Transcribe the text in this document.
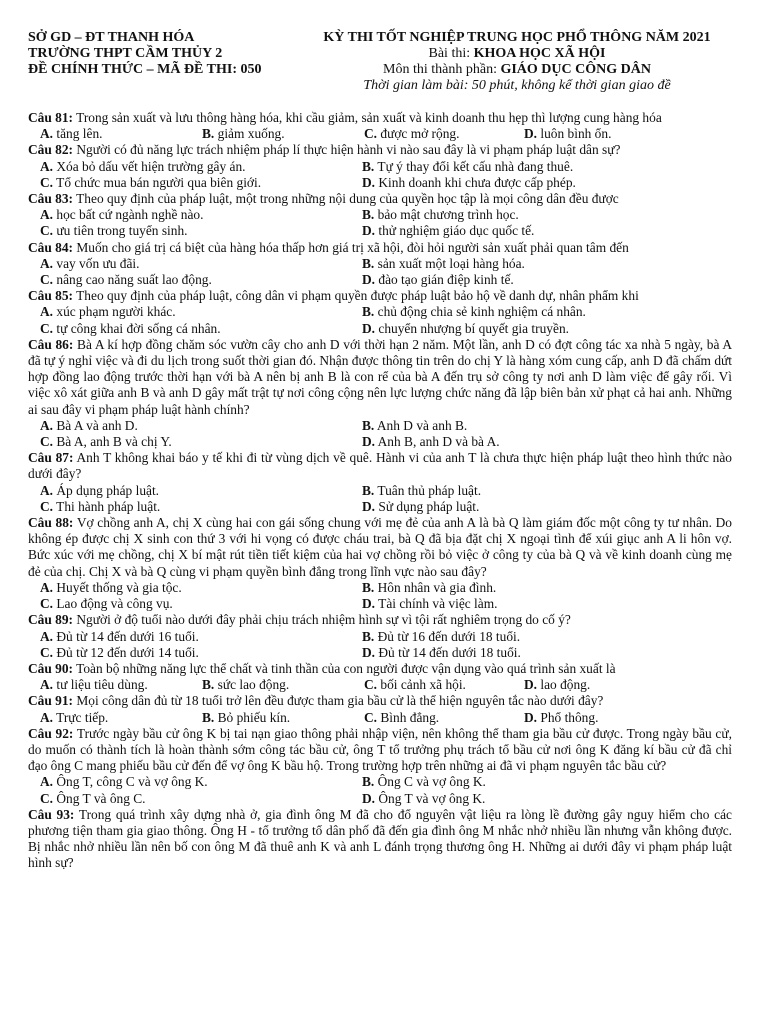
SỞ GD – ĐT THANH HÓA
TRƯỜNG THPT CẦM THỦY 2
ĐỀ CHÍNH THỨC – MÃ ĐỀ THI: 050
KỲ THI TỐT NGHIỆP TRUNG HỌC PHỔ THÔNG NĂM 2021
Bài thi: KHOA HỌC XÃ HỘI
Môn thi thành phần: GIÁO DỤC CÔNG DÂN
Thời gian làm bài: 50 phút, không kể thời gian giao đề
Câu 81: Trong sản xuất và lưu thông hàng hóa, khi cầu giảm, sản xuất và kinh doanh thu hẹp thì lượng cung hàng hóa
A. tăng lên.	B. giảm xuống.	C. được mở rộng.	D. luôn bình ổn.
Câu 82: Người có đủ năng lực trách nhiệm pháp lí thực hiện hành vi nào sau đây là vi phạm pháp luật dân sự?
A. Xóa bỏ dấu vết hiện trường gây án.	B. Tự ý thay đổi kết cấu nhà đang thuê.
C. Tổ chức mua bán người qua biên giới.	D. Kinh doanh khi chưa được cấp phép.
Câu 83: Theo quy định của pháp luật, một trong những nội dung của quyền học tập là mọi công dân đều được
A. học bất cứ ngành nghề nào.	B. bảo mật chương trình học.
C. ưu tiên trong tuyển sinh.	D. thử nghiệm giáo dục quốc tế.
Câu 84: Muốn cho giá trị cá biệt của hàng hóa thấp hơn giá trị xã hội, đòi hỏi người sản xuất phải quan tâm đến
A. vay vốn ưu đãi.	B. sản xuất một loại hàng hóa.
C. nâng cao năng suất lao động.	D. đào tạo gián điệp kinh tế.
Câu 85: Theo quy định của pháp luật, công dân vi phạm quyền được pháp luật bảo hộ về danh dự, nhân phẩm khi
A. xúc phạm người khác.	B. chủ động chia sẻ kinh nghiệm cá nhân.
C. tự công khai đời sống cá nhân.	D. chuyển nhượng bí quyết gia truyền.
Câu 86: Bà A kí hợp đồng chăm sóc vườn cây cho anh D với thời hạn 2 năm. Một lần, anh D có đợt công tác xa nhà 5 ngày, bà A đã tự ý nghỉ việc và đi du lịch trong suốt thời gian đó. Nhận được thông tin trên do chị Y là hàng xóm cung cấp, anh D đã chấm dứt hợp đồng lao động trước thời hạn với bà A nên bị anh B là con rể của bà A đến trụ sở công ty nơi anh D làm việc để gây rối. Vì việc xô xát giữa anh B và anh D gây mất trật tự nơi công cộng nên lực lượng chức năng đã lập biên bản xử phạt cả hai anh. Những ai sau đây vi phạm pháp luật hành chính?
A. Bà A và anh D.	B. Anh D và anh B.
C. Bà A, anh B và chị Y.	D. Anh B, anh D và bà A.
Câu 87: Anh T không khai báo y tế khi đi từ vùng dịch về quê. Hành vi của anh T là chưa thực hiện pháp luật theo hình thức nào dưới đây?
A. Áp dụng pháp luật.	B. Tuân thủ pháp luật.
C. Thi hành pháp luật.	D. Sử dụng pháp luật.
Câu 88: Vợ chồng anh A, chị X cùng hai con gái sống chung với mẹ đẻ của anh A là bà Q làm giám đốc một công ty tư nhân. Do không ép được chị X sinh con thứ 3 với hi vọng có được cháu trai, bà Q đã bịa đặt chị X ngoại tình để xúi giục anh A li hôn vợ. Bức xúc với mẹ chồng, chị X bí mật rút tiền tiết kiệm của hai vợ chồng rồi bỏ việc ở công ty của bà Q và về kinh doanh cùng mẹ đẻ của chị. Chị X và bà Q cùng vi phạm quyền bình đẳng trong lĩnh vực nào sau đây?
A. Huyết thống và gia tộc.	B. Hôn nhân và gia đình.
C. Lao động và công vụ.	D. Tài chính và việc làm.
Câu 89: Người ở độ tuổi nào dưới đây phải chịu trách nhiệm hình sự vì tội rất nghiêm trọng do cố ý?
A. Đủ từ 14 đến dưới 16 tuổi.	B. Đủ từ 16 đến dưới 18 tuổi.
C. Đủ từ 12 đến dưới 14 tuổi.	D. Đủ từ 14 đến dưới 18 tuổi.
Câu 90: Toàn bộ những năng lực thể chất và tinh thần của con người được vận dụng vào quá trình sản xuất là
A. tư liệu tiêu dùng.	B. sức lao động.	C. bối cảnh xã hội.	D. lao động.
Câu 91: Mọi công dân đủ từ 18 tuổi trở lên đều được tham gia bầu cử là thể hiện nguyên tắc nào dưới đây?
A. Trực tiếp.	B. Bỏ phiếu kín.	C. Bình đẳng.	D. Phổ thông.
Câu 92: Trước ngày bầu cử ông K bị tai nạn giao thông phải nhập viện, nên không thể tham gia bầu cử được. Trong ngày bầu cử, do muốn có thành tích là hoàn thành sớm công tác bầu cử, ông T tổ trưởng phụ trách tổ bầu cử nơi ông K đăng kí bầu cử đã chỉ đạo ông C mang phiếu bầu cử đến để vợ ông K bầu hộ. Trong trường hợp trên những ai đã vi phạm nguyên tắc bầu cử?
A. Ông T, công C và vợ ông K.	B. Ông C và vợ ông K.
C. Ông T và ông C.	D. Ông T và vợ ông K.
Câu 93: Trong quá trình xây dựng nhà ở, gia đình ông M đã cho đổ nguyên vật liệu ra lòng lề đường gây nguy hiểm cho các phương tiện tham gia giao thông. Ông H - tổ trưởng tổ dân phố đã đến gia đình ông M nhắc nhở nhiều lần nhưng vẫn không được. Bị nhắc nhở nhiều lần nên bố con ông M đã thuê anh K và anh L đánh trọng thương ông H. Những ai dưới đây vi phạm pháp luật hình sự?
